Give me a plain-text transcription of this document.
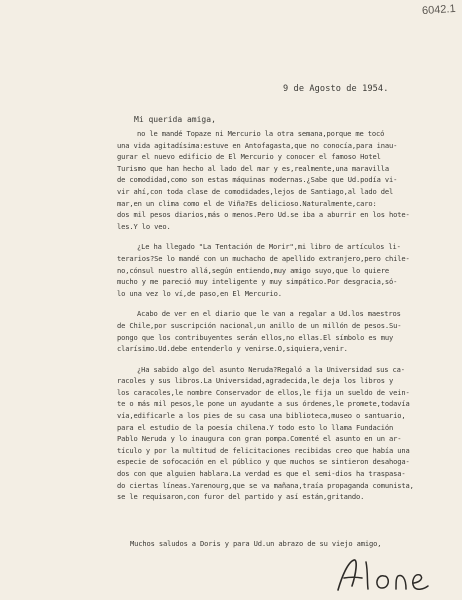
6042.1
9 de Agosto de 1954.
Mi querida amiga,
no le mandé Topaze ni Mercurio la otra semana,porque me tocó
una vida agitadísima:estuve en Antofagasta,que no conocía,para inau-
gurar el nuevo edificio de El Mercurio y conocer el famoso Hotel
Turismo que han hecho al lado del mar y es,realmente,una maravilla
de comodidad,como son estas máquinas modernas.¿Sabe que Ud.podía vi-
vir ahí,con toda clase de comodidades,lejos de Santiago,al lado del
mar,en un clima como el de Viña?Es delicioso.Naturalmente,caro:
dos mil pesos diarios,más o menos.Pero Ud.se iba a aburrir en los hote-
les.Y lo veo.
¿Le ha llegado "La Tentación de Morir",mi libro de artículos li-
terarios?Se lo mandé con un muchacho de apellido extranjero,pero chile-
no,cónsul nuestro allá,según entiendo,muy amigo suyo,que lo quiere
mucho y me pareció muy inteligente y muy simpático.Por desgracia,só-
lo una vez lo ví,de paso,en El Mercurio.
Acabo de ver en el diario que le van a regalar a Ud.los maestros
de Chile,por suscripción nacional,un anillo de un millón de pesos.Su-
pongo que los contribuyentes serán ellos,no ellas.El símbolo es muy
clarísimo.Ud.debe entenderlo y venirse.O,siquiera,venir.
¿Ha sabido algo del asunto Neruda?Regaló a la Universidad sus ca-
racoles y sus libros.La Universidad,agradecida,le deja los libros y
los caracoles,le nombre Conservador de ellos,le fija un sueldo de vein-
te o más mil pesos,le pone un ayudante a sus órdenes,le promete,todavía
vía,edificarle a los pies de su casa una biblioteca,museo o santuario,
para el estudio de la poesía chilena.Y todo esto lo llama Fundación
Pablo Neruda y lo inaugura con gran pompa.Comenté el asunto en un ar-
tículo y por la multitud de felicitaciones recibidas creo que había una
especie de sofocación en el público y que muchos se sintieron desahoga-
dos con que alguien hablara.La verdad es que el semi-dios ha traspasa-
do ciertas líneas.Yarenourg,que se va mañana,traía propaganda comunista,
se le requisaron,con furor del partido y así están,gritando.
Muchos saludos a Doris y para Ud.un abrazo de su viejo amigo,
